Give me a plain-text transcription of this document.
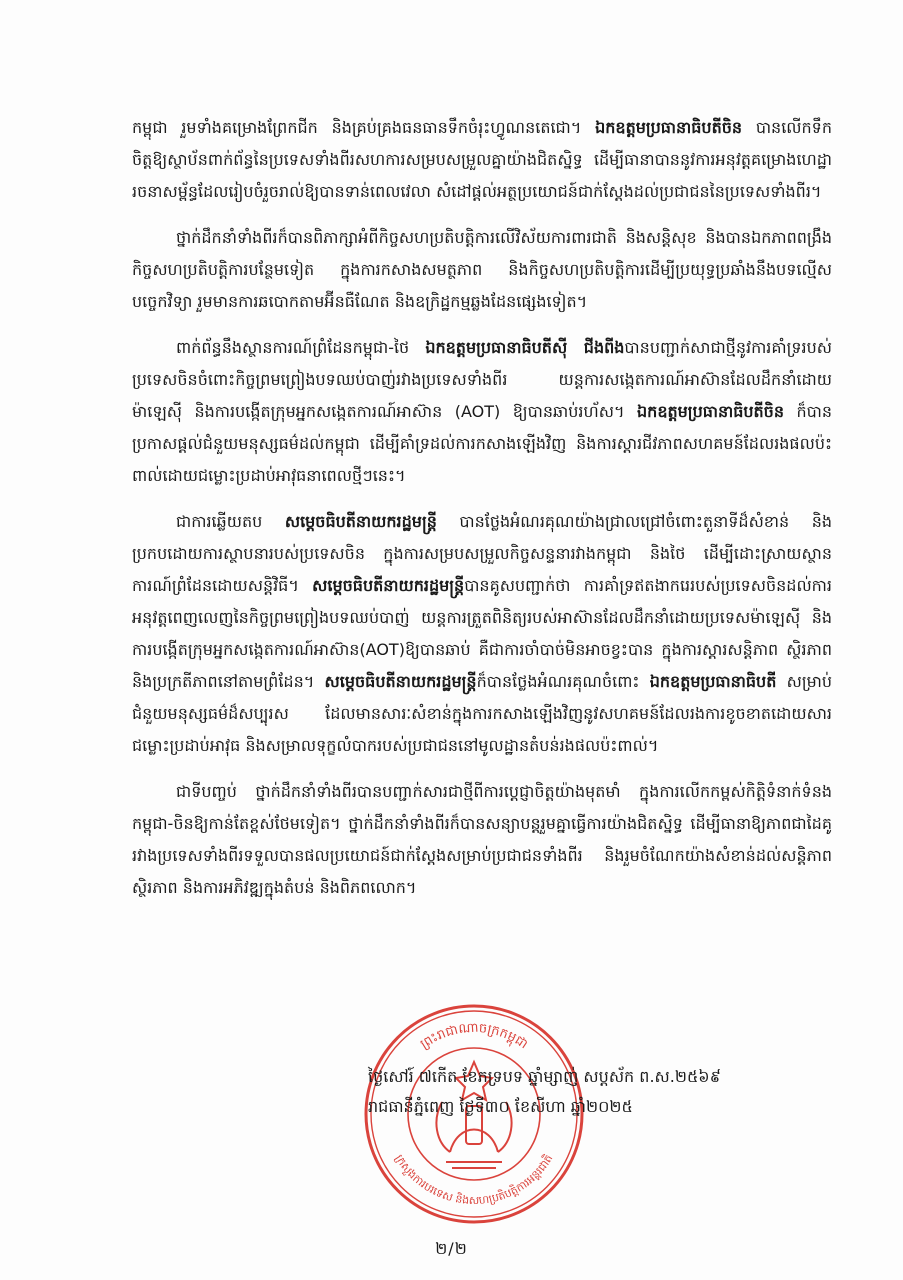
កម្ពុជា រួមទាំងគម្រោងព្រែកជីក និងគ្រប់គ្រងធនធានទឹកចំរុះហ្វូណនតេជោ។ ឯកឧត្តមប្រធានាធិបតីចិន បានលើកទឹកចិត្តឱ្យស្ថាប័នពាក់ព័ន្ធនៃប្រទេសទាំងពីរសហការសម្របសម្រួលគ្នាយ៉ាងជិតស្និទ្ធ ដើម្បីធានាបាននូវការអនុវត្តគម្រោងហេដ្ឋារចនាសម្ព័ន្ធដែលរៀបចំរួចរាល់ឱ្យបានទាន់ពេលវេលា សំដៅផ្តល់អត្ថប្រយោជន៍ជាក់ស្តែងដល់ប្រជាជននៃប្រទេសទាំងពីរ។

ថ្នាក់ដឹកនាំទាំងពីរក៏បានពិភាក្សាអំពីកិច្ចសហប្រតិបត្តិការលើវិស័យការពារជាតិ និងសន្តិសុខ និងបានឯកភាពពង្រឹងកិច្ចសហប្រតិបត្តិការបន្ថែមទៀត ក្នុងការកសាងសមត្ថភាព និងកិច្ចសហប្រតិបត្តិការដើម្បីប្រយុទ្ធប្រឆាំងនឹងបទល្មើសបច្ចេកវិទ្យា រួមមានការឆបោកតាមអ៊ីនធឺណែត និងឧក្រិដ្ឋកម្មឆ្លងដែនផ្សេងទៀត។

ពាក់ព័ន្ធនឹងស្ថានការណ៍ព្រំដែនកម្ពុជា-ថៃ ឯកឧត្តមប្រធានាធិបតីស៊ី ជីងពីងបានបញ្ជាក់សាជាថ្មីនូវការគាំទ្ររបស់ប្រទេសចិនចំពោះកិច្ចព្រមព្រៀងបទឈប់បាញ់រវាងប្រទេសទាំងពីរ យន្តការសង្កេតការណ៍អាស៊ានដែលដឹកនាំដោយម៉ាឡេស៊ី និងការបង្កើតក្រុមអ្នកសង្កេតការណ៍អាស៊ាន (AOT) ឱ្យបានឆាប់រហ័ស។ ឯកឧត្តមប្រធានាធិបតីចិន ក៏បានប្រកាសផ្តល់ជំនួយមនុស្សធម៌ដល់កម្ពុជា ដើម្បីគាំទ្រដល់ការកសាងឡើងវិញ និងការស្តារជីវភាពសហគមន៍ដែលរងផលប៉ះពាល់ដោយជម្លោះប្រដាប់អាវុធនាពេលថ្មីៗនេះ។

ជាការឆ្លើយតប សម្តេចធិបតីនាយករដ្ឋមន្ត្រី បានថ្លែងអំណរគុណយ៉ាងជ្រាលជ្រៅចំពោះតួនាទីដ៏សំខាន់ និងប្រកបដោយការស្ថាបនារបស់ប្រទេសចិន ក្នុងការសម្របសម្រួលកិច្ចសន្ទនារវាងកម្ពុជា និងថៃ ដើម្បីដោះស្រាយស្ថានការណ៍ព្រំដែនដោយសន្តិវិធី។ សម្តេចធិបតីនាយករដ្ឋមន្ត្រីបានគូសបញ្ជាក់ថា ការគាំទ្រឥតងាករេរបស់ប្រទេសចិនដល់ការអនុវត្តពេញលេញនៃកិច្ចព្រមព្រៀងបទឈប់បាញ់ យន្តការត្រួតពិនិត្យរបស់អាស៊ានដែលដឹកនាំដោយប្រទេសម៉ាឡេស៊ី និងការបង្កើតក្រុមអ្នកសង្កេតការណ៍អាស៊ាន(AOT)ឱ្យបានឆាប់ គឺជាការចាំបាច់មិនអាចខ្វះបាន ក្នុងការស្តារសន្តិភាព ស្ថិរភាព និងប្រក្រតីភាពនៅតាមព្រំដែន។ សម្តេចធិបតីនាយករដ្ឋមន្ត្រីក៏បានថ្លែងអំណរគុណចំពោះ ឯកឧត្តមប្រធានាធិបតី សម្រាប់ជំនួយមនុស្សធម៌ដ៏សប្បុរស ដែលមានសារៈសំខាន់ក្នុងការកសាងឡើងវិញនូវសហគមន៍ដែលរងការខូចខាតដោយសារជម្លោះប្រដាប់អាវុធ និងសម្រាលទុក្ខលំបាករបស់ប្រជាជននៅមូលដ្ឋានតំបន់រងផលប៉ះពាល់។

ជាទីបញ្ចប់ ថ្នាក់ដឹកនាំទាំងពីរបានបញ្ជាក់សារជាថ្មីពីការប្តេជ្ញាចិត្តយ៉ាងមុតមាំ ក្នុងការលើកកម្ពស់កិត្តិទំនាក់ទំនងកម្ពុជា-ចិនឱ្យកាន់តែខ្ពស់ថែមទៀត។ ថ្នាក់ដឹកនាំទាំងពីរក៏បានសន្យាបន្តរួមគ្នាធ្វើការយ៉ាងជិតស្និទ្ធ ដើម្បីធានាឱ្យភាពជាដៃគូរវាងប្រទេសទាំងពីរទទួលបានផលប្រយោជន៍ជាក់ស្តែងសម្រាប់ប្រជាជនទាំងពីរ និងរួមចំណែកយ៉ាងសំខាន់ដល់សន្តិភាព ស្ថិរភាព និងការអភិវឌ្ឍក្នុងតំបន់ និងពិភពលោក។

ព្រះរាជាណាចក្រកម្ពុជា
ក្រសួងការបរទេស និងសហប្រតិបត្តិការអន្តរជាតិ
ថ្ងៃសៅរ៍ ៧កើត ខែភទ្របទ ឆ្នាំម្សាញ់ សប្តស័ក ព.ស.២៥៦៩
រាជធានីភ្នំពេញ ថ្ងៃទី៣០ ខែសីហា ឆ្នាំ២០២៥
២/២
